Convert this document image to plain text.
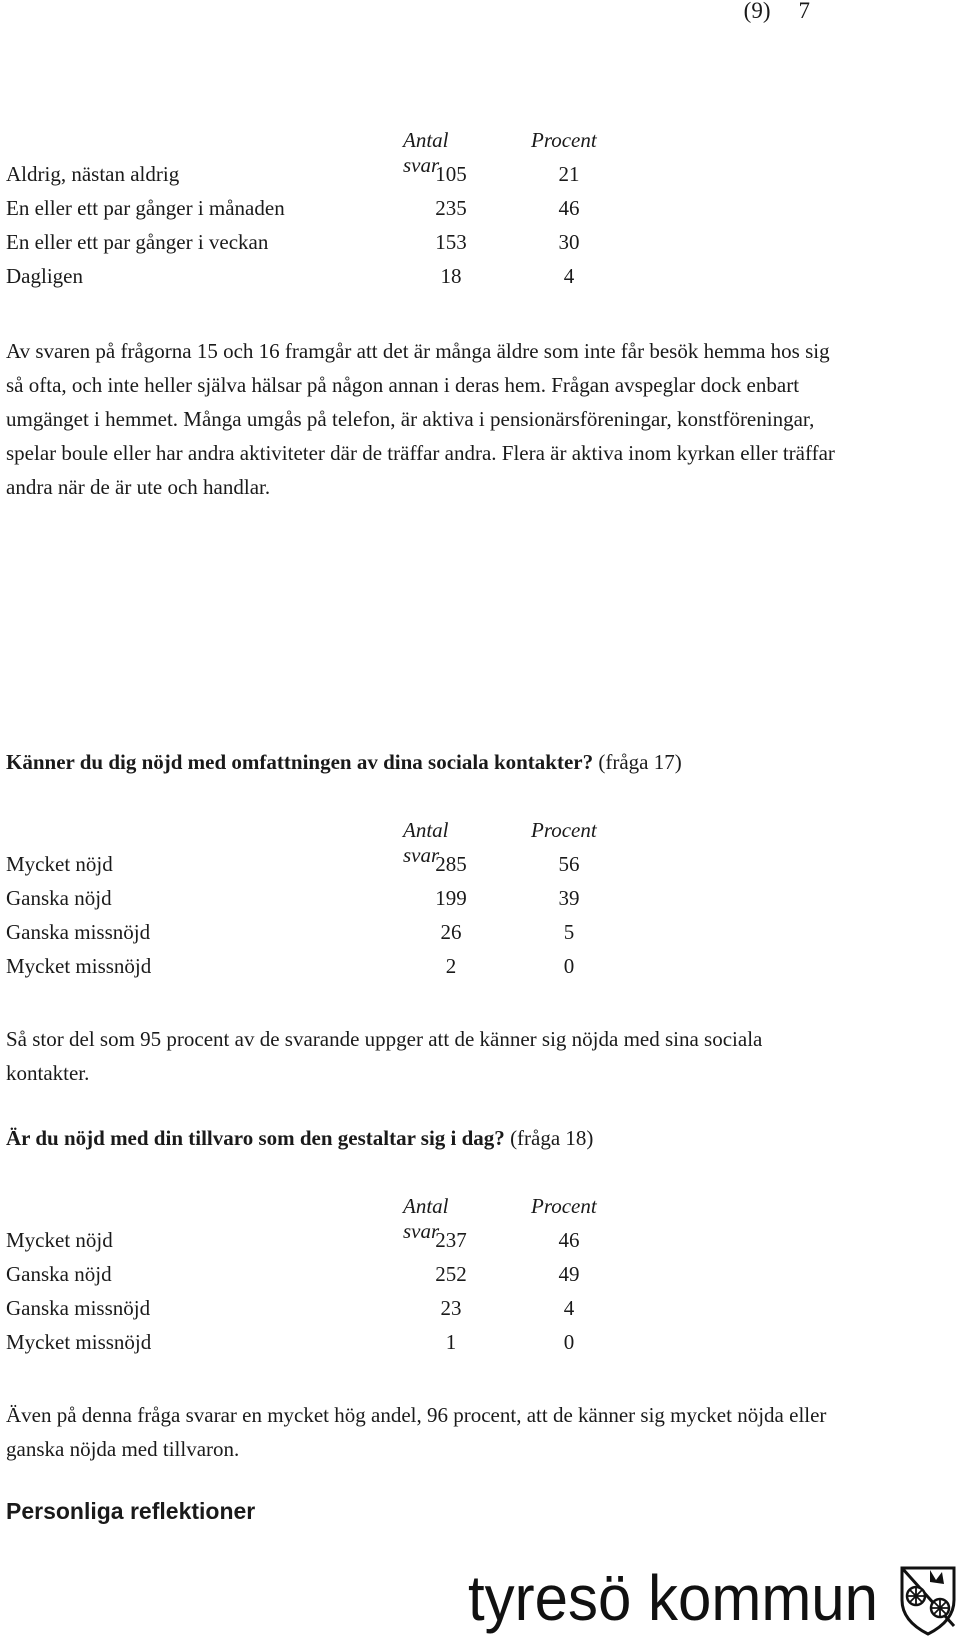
(9) 7
Antal svar
Procent
Aldrig, nästan aldrig	105	21
En eller ett par gånger i månaden	235	46
En eller ett par gånger i veckan	153	30
Dagligen	18	4

Av svaren på frågorna 15 och 16 framgår att det är många äldre som inte får besök hemma hos sig så ofta, och inte heller själva hälsar på någon annan i deras hem. Frågan avspeglar dock enbart umgänget i hemmet. Många umgås på telefon, är aktiva i pensionärsföreningar, konstföreningar, spelar boule eller har andra aktiviteter där de träffar andra. Flera är aktiva inom kyrkan eller träffar andra när de är ute och handlar.

Känner du dig nöjd med omfattningen av dina sociala kontakter? (fråga 17)
Antal svar
Procent
Mycket nöjd	285	56
Ganska nöjd	199	39
Ganska missnöjd	26	5
Mycket missnöjd	2	0

Så stor del som 95 procent av de svarande uppger att de känner sig nöjda med sina sociala kontakter.

Är du nöjd med din tillvaro som den gestaltar sig i dag? (fråga 18)
Antal svar
Procent
Mycket nöjd	237	46
Ganska nöjd	252	49
Ganska missnöjd	23	4
Mycket missnöjd	1	0

Även på denna fråga svarar en mycket hög andel, 96 procent, att de känner sig mycket nöjda eller ganska nöjda med tillvaron.

Personliga reflektioner
tyresö kommun
